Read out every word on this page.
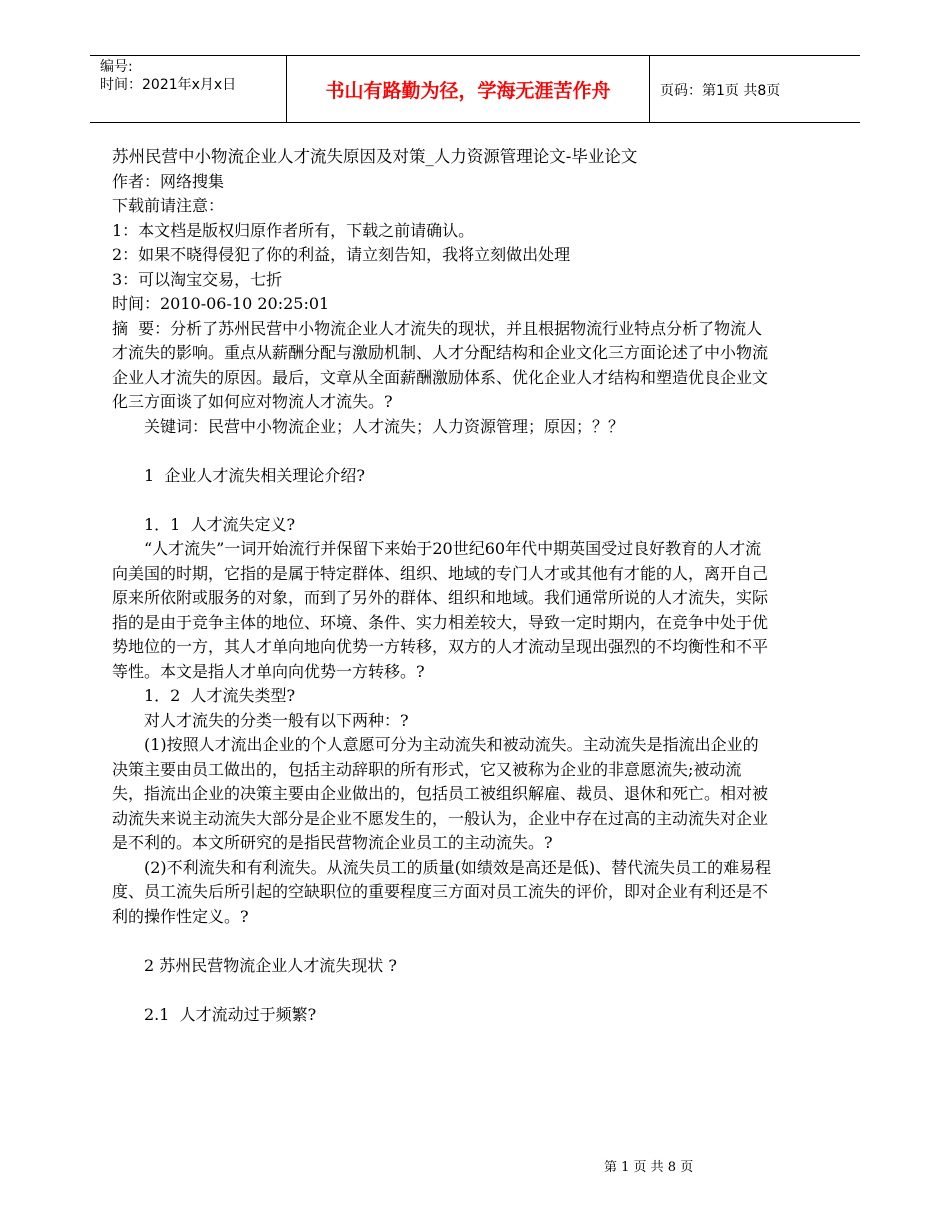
编号:
时间：2021年x月x日	书山有路勤为径，学海无涯苦作舟	页码：第1页 共8页

苏州民营中小物流企业人才流失原因及对策_人力资源管理论文-毕业论文

作者：网络搜集

下载前请注意：

1：本文档是版权归原作者所有，下载之前请确认。

2：如果不晓得侵犯了你的利益，请立刻告知，我将立刻做出处理

3：可以淘宝交易，七折

时间：2010-06-10 20:25:01

摘  要：分析了苏州民营中小物流企业人才流失的现状，并且根据物流行业特点分析了物流人才流失的影响。重点从薪酬分配与激励机制、人才分配结构和企业文化三方面论述了中小物流企业人才流失的原因。最后，文章从全面薪酬激励体系、优化企业人才结构和塑造优良企业文化三方面谈了如何应对物流人才流失。?

关键词：民营中小物流企业；人才流失；人力资源管理；原因；？？

1  企业人才流失相关理论介绍?

1．1  人才流失定义?

“人才流失”一词开始流行并保留下来始于20世纪60年代中期英国受过良好教育的人才流向美国的时期，它指的是属于特定群体、组织、地域的专门人才或其他有才能的人，离开自己原来所依附或服务的对象，而到了另外的群体、组织和地域。我们通常所说的人才流失，实际指的是由于竞争主体的地位、环境、条件、实力相差较大，导致一定时期内，在竞争中处于优势地位的一方，其人才单向地向优势一方转移，双方的人才流动呈现出强烈的不均衡性和不平等性。本文是指人才单向向优势一方转移。?

1．2  人才流失类型?

对人才流失的分类一般有以下两种：?

(1)按照人才流出企业的个人意愿可分为主动流失和被动流失。主动流失是指流出企业的决策主要由员工做出的，包括主动辞职的所有形式，它又被称为企业的非意愿流失;被动流失，指流出企业的决策主要由企业做出的，包括员工被组织解雇、裁员、退休和死亡。相对被动流失来说主动流失大部分是企业不愿发生的，一般认为，企业中存在过高的主动流失对企业是不利的。本文所研究的是指民营物流企业员工的主动流失。?

(2)不利流失和有利流失。从流失员工的质量(如绩效是高还是低)、替代流失员工的难易程度、员工流失后所引起的空缺职位的重要程度三方面对员工流失的评价，即对企业有利还是不利的操作性定义。?

2 苏州民营物流企业人才流失现状 ?

2.1  人才流动过于频繁?

第 1 页 共 8 页
